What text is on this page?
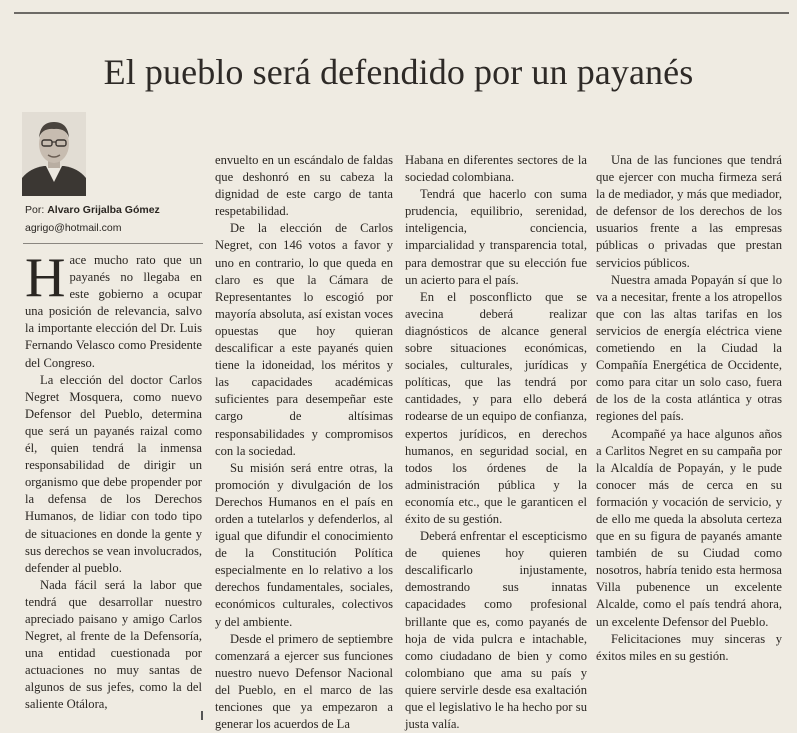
El pueblo será defendido por un payanés
Por: Alvaro Grijalba Gómez
agrigo@hotmail.com

Hace mucho rato que un payanés no llegaba en este gobierno a ocupar una posición de relevancia, salvo la importante elección del Dr. Luis Fernando Velasco como Presidente del Congreso.

La elección del doctor Carlos Negret Mosquera, como nuevo Defensor del Pueblo, determina que será un payanés raizal como él, quien tendrá la inmensa responsabilidad de dirigir un organismo que debe propender por la defensa de los Derechos Humanos, de lidiar con todo tipo de situaciones en donde la gente y sus derechos se vean involucrados, defender al pueblo.

Nada fácil será la labor que tendrá que desarrollar nuestro apreciado paisano y amigo Carlos Negret, al frente de la Defensoría, una entidad cuestionada por actuaciones no muy santas de algunos de sus jefes, como la del saliente Otálora,

envuelto en un escándalo de faldas que deshonró en su cabeza la dignidad de este cargo de tanta respetabilidad.

De la elección de Carlos Negret, con 146 votos a favor y uno en contrario, lo que queda en claro es que la Cámara de Representantes lo escogió por mayoría absoluta, así existan voces opuestas que hoy quieran descalificar a este payanés quien tiene la idoneidad, los méritos y las capacidades académicas suficientes para desempeñar este cargo de altísimas responsabilidades y compromisos con la sociedad.

Su misión será entre otras, la promoción y divulgación de los Derechos Humanos en el país en orden a tutelarlos y defenderlos, al igual que difundir el conocimiento de la Constitución Política especialmente en lo relativo a los derechos fundamentales, sociales, económicos culturales, colectivos y del ambiente.

Desde el primero de septiembre comenzará a ejercer sus funciones nuestro nuevo Defensor Nacional del Pueblo, en el marco de las tenciones que ya empezaron a generar los acuerdos de La

Habana en diferentes sectores de la sociedad colombiana.

Tendrá que hacerlo con suma prudencia, equilibrio, serenidad, inteligencia, conciencia, imparcialidad y transparencia total, para demostrar que su elección fue un acierto para el país.

En el posconflicto que se avecina deberá realizar diagnósticos de alcance general sobre situaciones económicas, sociales, culturales, jurídicas y políticas, que las tendrá por cantidades, y para ello deberá rodearse de un equipo de confianza, expertos jurídicos, en derechos humanos, en seguridad social, en todos los órdenes de la administración pública y la economía etc., que le garanticen el éxito de su gestión.

Deberá enfrentar el escepticismo de quienes hoy quieren descalificarlo injustamente, demostrando sus innatas capacidades como profesional brillante que es, como payanés de hoja de vida pulcra e intachable, como ciudadano de bien y como colombiano que ama su país y quiere servirle desde esa exaltación que el legislativo le ha hecho por su justa valía.

Una de las funciones que tendrá que ejercer con mucha firmeza será la de mediador, y más que mediador, de defensor de los derechos de los usuarios frente a las empresas públicas o privadas que prestan servicios públicos.

Nuestra amada Popayán sí que lo va a necesitar, frente a los atropellos que con las altas tarifas en los servicios de energía eléctrica viene cometiendo en la Ciudad la Compañía Energética de Occidente, como para citar un solo caso, fuera de los de la costa atlántica y otras regiones del país.

Acompañé ya hace algunos años a Carlitos Negret en su campaña por la Alcaldía de Popayán, y le pude conocer más de cerca en su formación y vocación de servicio, y de ello me queda la absoluta certeza que en su figura de payanés amante también de su Ciudad como nosotros, habría tenido esta hermosa Villa pubenence un excelente Alcalde, como el país tendrá ahora, un excelente Defensor del Pueblo.

Felicitaciones muy sinceras y éxitos miles en su gestión.
